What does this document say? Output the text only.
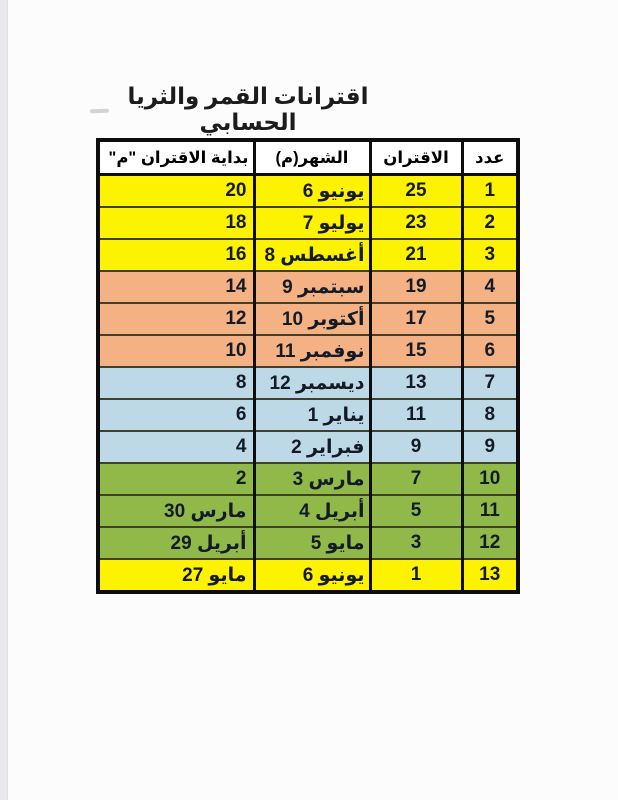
اقترانات القمر والثريا الحسابي
بداية الاقتران "م"	الشهر(م)	الاقتران	عدد
20	6 يونيو	25	1
18	7 يوليو	23	2
16	8 أغسطس	21	3
14	9 سبتمبر	19	4
12	10 أكتوبر	17	5
10	11 نوفمبر	15	6
8	12 ديسمبر	13	7
6	1 يناير	11	8
4	2 فبراير	9	9
2	3 مارس	7	10
30 مارس	4 أبريل	5	11
29 أبريل	5 مايو	3	12
27 مايو	6 يونيو	1	13
